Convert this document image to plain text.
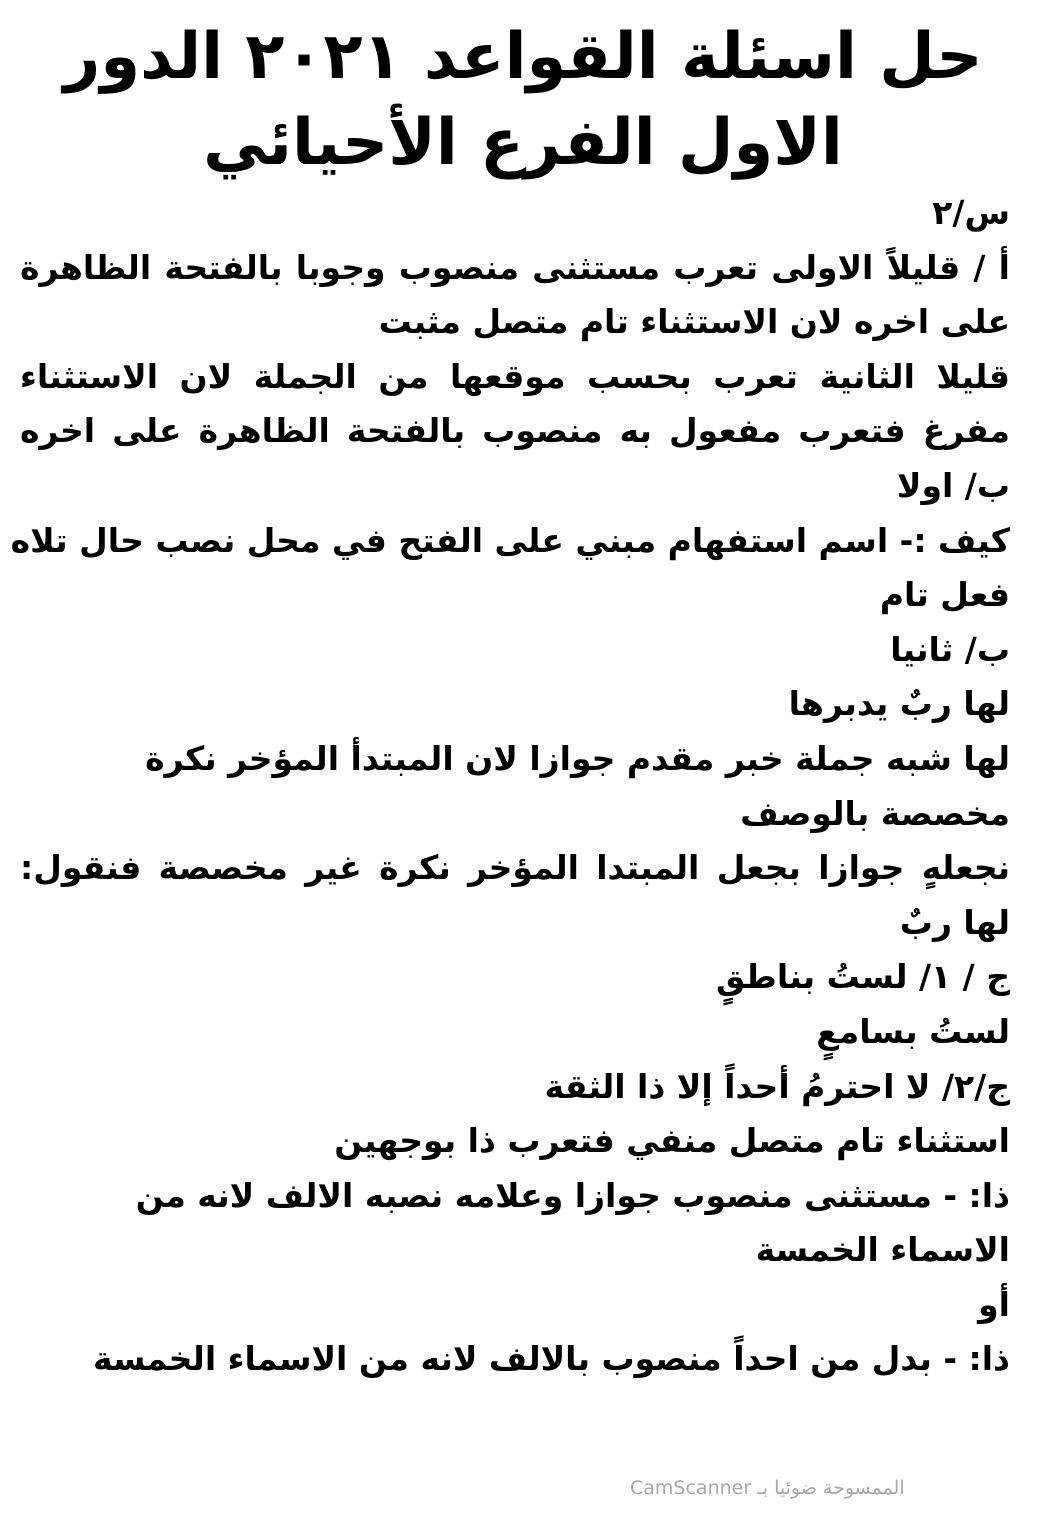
نور عمر علاء الجاوي
★
حل اسئلة القواعد ٢٠٢١ الدور
الاول الفرع الأحيائي
س/٢
أ / قليلاً الاولى تعرب مستثنى منصوب وجوبا بالفتحة الظاهرة
على اخره لان الاستثناء تام متصل مثبت
قليلا الثانية تعرب بحسب موقعها من الجملة لان الاستثناء
مفرغ فتعرب مفعول به منصوب بالفتحة الظاهرة على اخره
ب/ اولا
كيف :- اسم استفهام مبني على الفتح في محل نصب حال تلاه
فعل تام
ب/ ثانيا
لها ربٌ يدبرها
لها شبه جملة خبر مقدم جوازا لان المبتدأ المؤخر نكرة
مخصصة بالوصف
نجعلهٍ جوازا بجعل المبتدا المؤخر نكرة غير مخصصة فنقول:
لها ربٌ
ج / ١/ لستُ بناطقٍ
لستُ بسامعٍ
ج/٢/ لا احترمُ أحداً إلا ذا الثقة
استثناء تام متصل منفي فتعرب ذا بوجهين
ذا: - مستثنى منصوب جوازا وعلامه نصبه الالف لانه من
الاسماء الخمسة
أو
ذا: - بدل من احداً منصوب بالالف لانه من الاسماء الخمسة
الممسوحة ضوئيا بـ CamScanner
